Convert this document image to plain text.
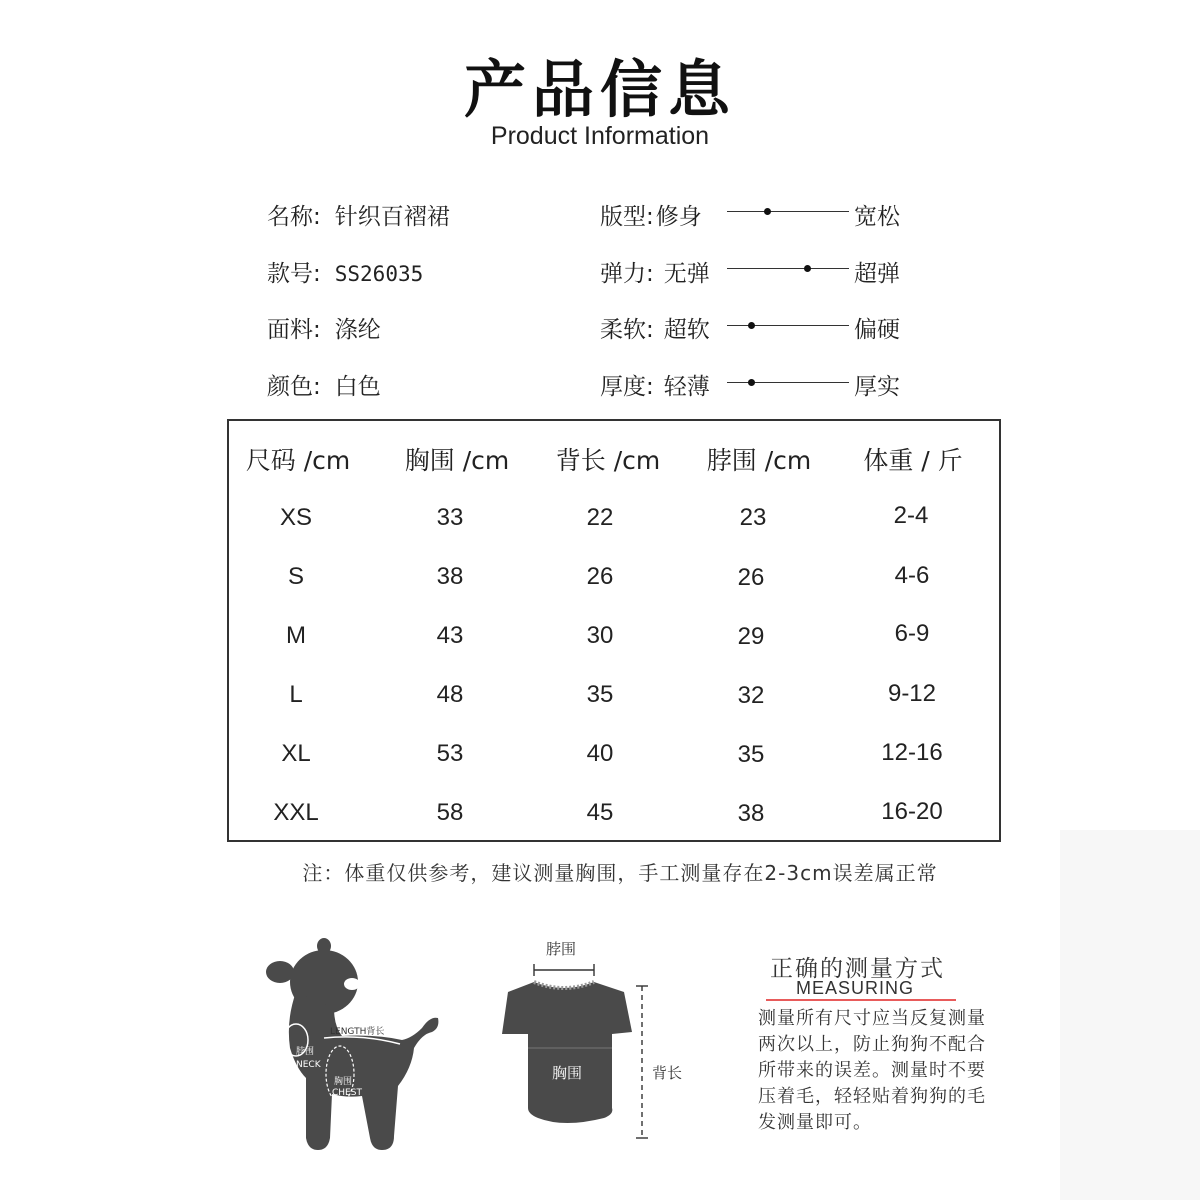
产品信息
Product Information
名称: 针织百褶裙
款号: SS26035
面料: 涤纶
颜色: 白色
版型:修身
弹力: 无弹
柔软: 超软
厚度: 轻薄
宽松
超弹
偏硬
厚实
尺码 /cm	胸围 /cm	背长 /cm	脖围 /cm	体重 / 斤
XS	33	22	23	2-4
S	38	26	26	4-6
M	43	30	29	6-9
L	48	35	32	9-12
XL	53	40	35	12-16
XXL	58	45	38	16-20
注：体重仅供参考，建议测量胸围，手工测量存在2-3cm误差属正常
LENGTH背长
脖围
NECK
胸围
CHEST
脖围
胸围	背长
正确的测量方式
MEASURING
测量所有尺寸应当反复测量两次以上，防止狗狗不配合所带来的误差。测量时不要压着毛，轻轻贴着狗狗的毛发测量即可。
